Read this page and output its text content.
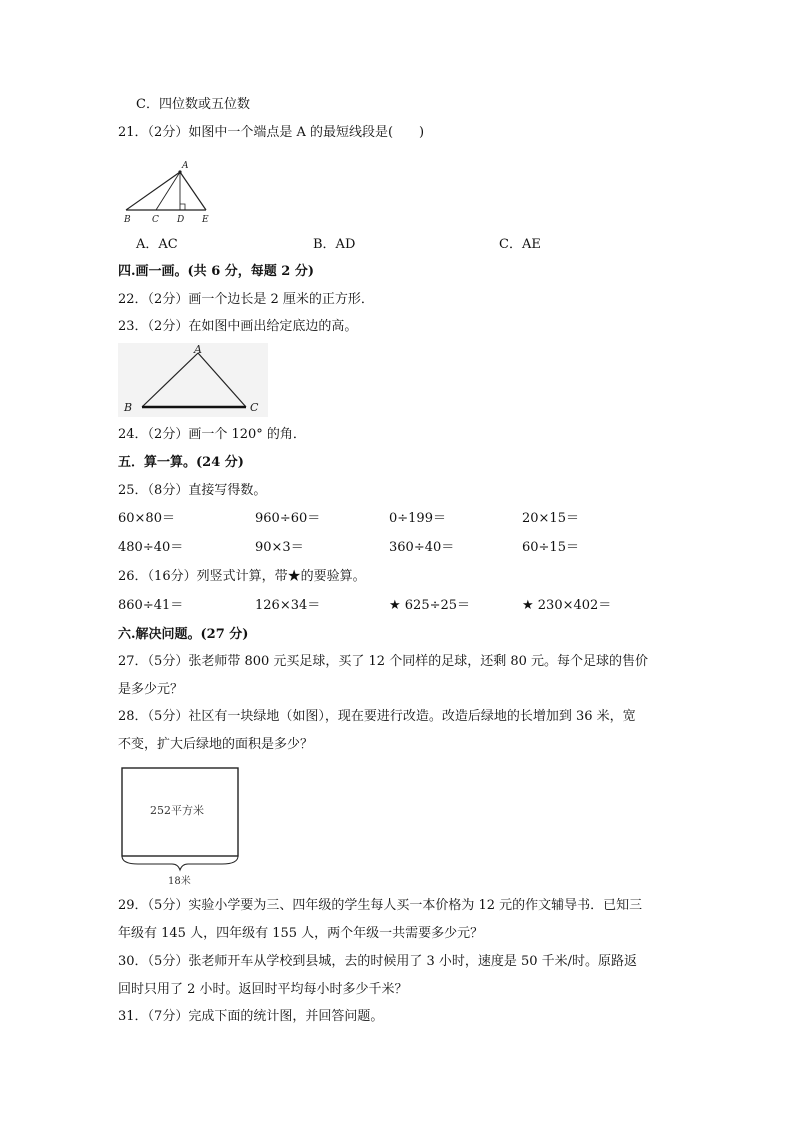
C．四位数或五位数
21．（2分）如图中一个端点是 A 的最短线段是(　　)
A
B C D E
A．AC	B．AD	C．AE
四.画一画。(共 6 分，每题 2 分)
22．（2分）画一个边长是 2 厘米的正方形．
23．（2分）在如图中画出给定底边的高。
A
B	C
24．（2分）画一个 120° 的角．
五．算一算。(24 分)
25．（8分）直接写得数。
60×80＝	960÷60＝	0÷199＝	20×15＝
480÷40＝	90×3＝	360÷40＝	60÷15＝
26．（16分）列竖式计算，带★的要验算。
860÷41＝	126×34＝	★ 625÷25＝	★ 230×402＝
六.解决问题。(27 分)
27．（5分）张老师带 800 元买足球，买了 12 个同样的足球，还剩 80 元。每个足球的售价
是多少元？
28．（5分）社区有一块绿地（如图），现在要进行改造。改造后绿地的长增加到 36 米，宽
不变，扩大后绿地的面积是多少？
252平方米
18米
29．（5分）实验小学要为三、四年级的学生每人买一本价格为 12 元的作文辅导书．已知三
年级有 145 人，四年级有 155 人，两个年级一共需要多少元？
30．（5分）张老师开车从学校到县城，去的时候用了 3 小时，速度是 50 千米/时。原路返
回时只用了 2 小时。返回时平均每小时多少千米？
31．（7分）完成下面的统计图，并回答问题。
